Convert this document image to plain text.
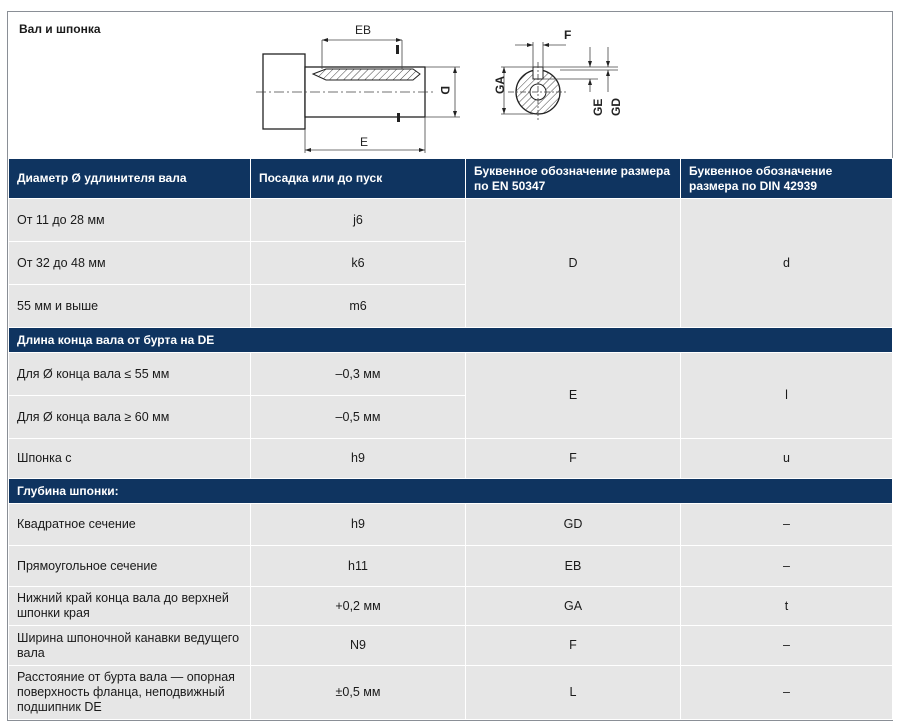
Вал и шпонка	EB
E
D	GA
F
GE GD
Диаметр Ø удлинителя вала	Посадка или до пуск	Буквенное обозначение размера по EN 50347	Буквенное обозначение размера по DIN 42939
От 11 до 28 мм	j6	D	d
От 32 до 48 мм	k6		
55 мм и выше	m6		
Длина конца вала от бурта на DE			
Для Ø конца вала ≤ 55 мм	–0,3 мм	E	l
Для Ø конца вала ≥ 60 мм	–0,5 мм		
Шпонка с	h9	F	u
Глубина шпонки:			
Квадратное сечение	h9	GD	–
Прямоугольное сечение	h11	EB	–
Нижний край конца вала до верхней шпонки края	+0,2 мм	GA	t
Ширина шпоночной канавки ведущего вала	N9	F	–
Расстояние от бурта вала — опорная поверхность фланца, неподвижный подшипник DE	±0,5 мм	L	–
